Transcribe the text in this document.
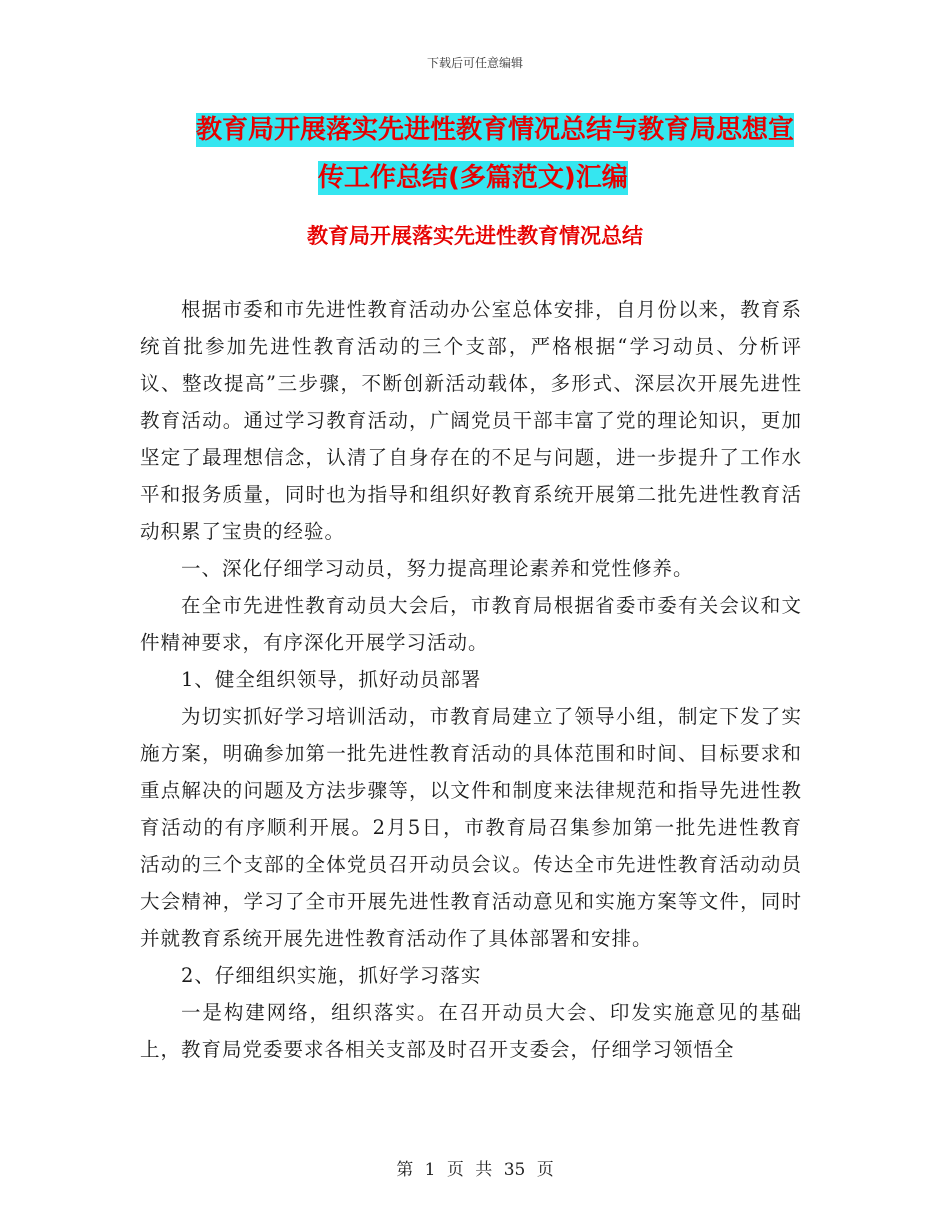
下载后可任意编辑
教育局开展落实先进性教育情况总结与教育局思想宣
传工作总结(多篇范文)汇编
教育局开展落实先进性教育情况总结

根据市委和市先进性教育活动办公室总体安排，自月份以来，教育系统首批参加先进性教育活动的三个支部，严格根据“学习动员、分析评议、整改提高”三步骤，不断创新活动载体，多形式、深层次开展先进性教育活动。通过学习教育活动，广阔党员干部丰富了党的理论知识，更加坚定了最理想信念，认清了自身存在的不足与问题，进一步提升了工作水平和报务质量，同时也为指导和组织好教育系统开展第二批先进性教育活动积累了宝贵的经验。

一、深化仔细学习动员，努力提高理论素养和党性修养。

在全市先进性教育动员大会后，市教育局根据省委市委有关会议和文件精神要求，有序深化开展学习活动。

1、健全组织领导，抓好动员部署

为切实抓好学习培训活动，市教育局建立了领导小组，制定下发了实施方案，明确参加第一批先进性教育活动的具体范围和时间、目标要求和重点解决的问题及方法步骤等，以文件和制度来法律规范和指导先进性教育活动的有序顺利开展。2月5日，市教育局召集参加第一批先进性教育活动的三个支部的全体党员召开动员会议。传达全市先进性教育活动动员大会精神，学习了全市开展先进性教育活动意见和实施方案等文件，同时并就教育系统开展先进性教育活动作了具体部署和安排。

2、仔细组织实施，抓好学习落实

一是构建网络，组织落实。在召开动员大会、印发实施意见的基础上，教育局党委要求各相关支部及时召开支委会，仔细学习领悟全

第 1 页 共 35 页
